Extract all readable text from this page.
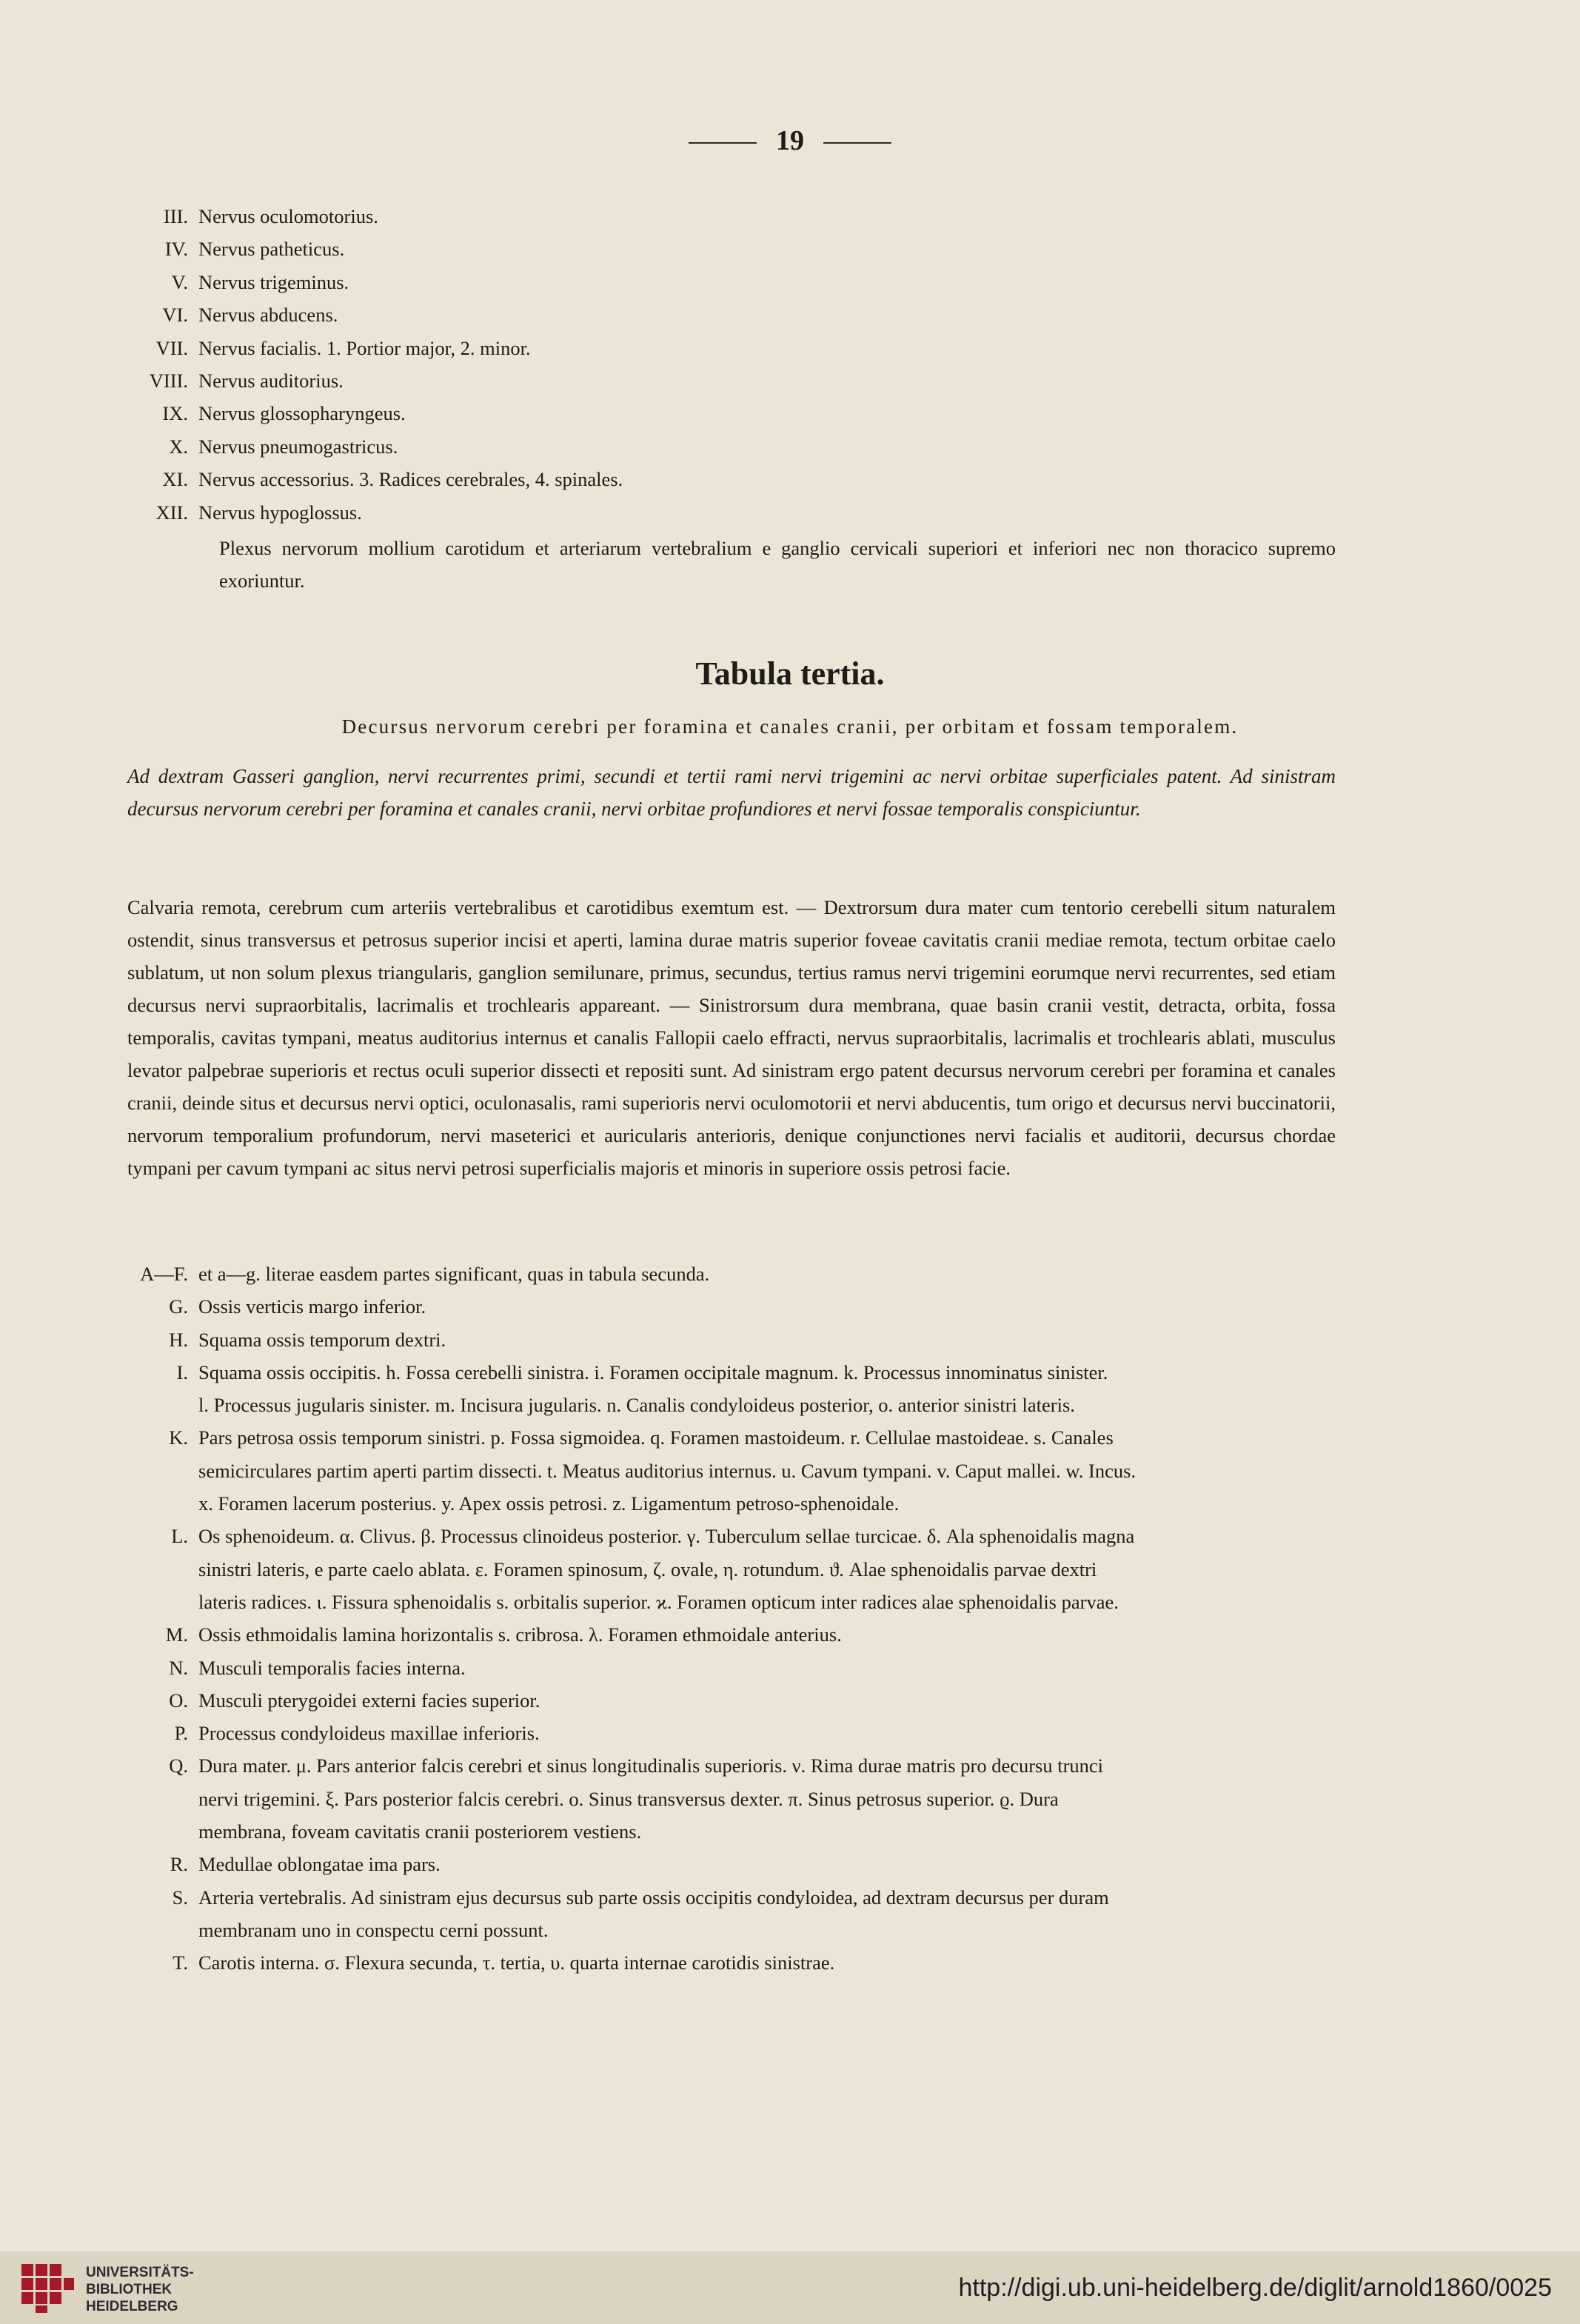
19
III. Nervus oculomotorius.
IV. Nervus patheticus.
V. Nervus trigeminus.
VI. Nervus abducens.
VII. Nervus facialis. 1. Portior major, 2. minor.
VIII. Nervus auditorius.
IX. Nervus glossopharyngeus.
X. Nervus pneumogastricus.
XI. Nervus accessorius. 3. Radices cerebrales, 4. spinales.
XII. Nervus hypoglossus.
Plexus nervorum mollium carotidum et arteriarum vertebralium e ganglio cervicali superiori et inferiori nec non thoracico supremo exoriuntur.
Tabula tertia.
Decursus nervorum cerebri per foramina et canales cranii, per orbitam et fossam temporalem.
Ad dextram Gasseri ganglion, nervi recurrentes primi, secundi et tertii rami nervi trigemini ac nervi orbitae superficiales patent. Ad sinistram decursus nervorum cerebri per foramina et canales cranii, nervi orbitae profundiores et nervi fossae temporalis conspiciuntur.
Calvaria remota, cerebrum cum arteriis vertebralibus et carotidibus exemtum est. — Dextrorsum dura mater cum tentorio cerebelli situm naturalem ostendit, sinus transversus et petrosus superior incisi et aperti, lamina durae matris superior foveae cavitatis cranii mediae remota, tectum orbitae caelo sublatum, ut non solum plexus triangularis, ganglion semilunare, primus, secundus, tertius ramus nervi trigemini eorumque nervi recurrentes, sed etiam decursus nervi supraorbitalis, lacrimalis et trochlearis appareant. — Sinistrorsum dura membrana, quae basin cranii vestit, detracta, orbita, fossa temporalis, cavitas tympani, meatus auditorius internus et canalis Fallopii caelo effracti, nervus supraorbitalis, lacrimalis et trochlearis ablati, musculus levator palpebrae superioris et rectus oculi superior dissecti et repositi sunt. Ad sinistram ergo patent decursus nervorum cerebri per foramina et canales cranii, deinde situs et decursus nervi optici, oculonasalis, rami superioris nervi oculomotorii et nervi abducentis, tum origo et decursus nervi buccinatorii, nervorum temporalium profundorum, nervi maseterici et auricularis anterioris, denique conjunctiones nervi facialis et auditorii, decursus chordae tympani per cavum tympani ac situs nervi petrosi superficialis majoris et minoris in superiore ossis petrosi facie.
A—F. et a—g. literae easdem partes significant, quas in tabula secunda.
G. Ossis verticis margo inferior.
H. Squama ossis temporum dextri.
I. Squama ossis occipitis. h. Fossa cerebelli sinistra. i. Foramen occipitale magnum. k. Processus innominatus sinister.
l. Processus jugularis sinister. m. Incisura jugularis. n. Canalis condyloideus posterior, o. anterior sinistri lateris.
K. Pars petrosa ossis temporum sinistri. p. Fossa sigmoidea. q. Foramen mastoideum. r. Cellulae mastoideae. s. Canales
semicirculares partim aperti partim dissecti. t. Meatus auditorius internus. u. Cavum tympani. v. Caput mallei. w. Incus.
x. Foramen lacerum posterius. y. Apex ossis petrosi. z. Ligamentum petroso-sphenoidale.
L. Os sphenoideum. α. Clivus. β. Processus clinoideus posterior. γ. Tuberculum sellae turcicae. δ. Ala sphenoidalis magna
sinistri lateris, e parte caelo ablata. ε. Foramen spinosum, ζ. ovale, η. rotundum. ϑ. Alae sphenoidalis parvae dextri
lateris radices. ι. Fissura sphenoidalis s. orbitalis superior. ϰ. Foramen opticum inter radices alae sphenoidalis parvae.
M. Ossis ethmoidalis lamina horizontalis s. cribrosa. λ. Foramen ethmoidale anterius.
N. Musculi temporalis facies interna.
O. Musculi pterygoidei externi facies superior.
P. Processus condyloideus maxillae inferioris.
Q. Dura mater. μ. Pars anterior falcis cerebri et sinus longitudinalis superioris. ν. Rima durae matris pro decursu trunci
nervi trigemini. ξ. Pars posterior falcis cerebri. ο. Sinus transversus dexter. π. Sinus petrosus superior. ϱ. Dura
membrana, foveam cavitatis cranii posteriorem vestiens.
R. Medullae oblongatae ima pars.
S. Arteria vertebralis. Ad sinistram ejus decursus sub parte ossis occipitis condyloidea, ad dextram decursus per duram
membranam uno in conspectu cerni possunt.
T. Carotis interna. σ. Flexura secunda, τ. tertia, υ. quarta internae carotidis sinistrae.
UNIVERSITÄTS-
BIBLIOTHEK
HEIDELBERG
http://digi.ub.uni-heidelberg.de/diglit/arnold1860/0025
